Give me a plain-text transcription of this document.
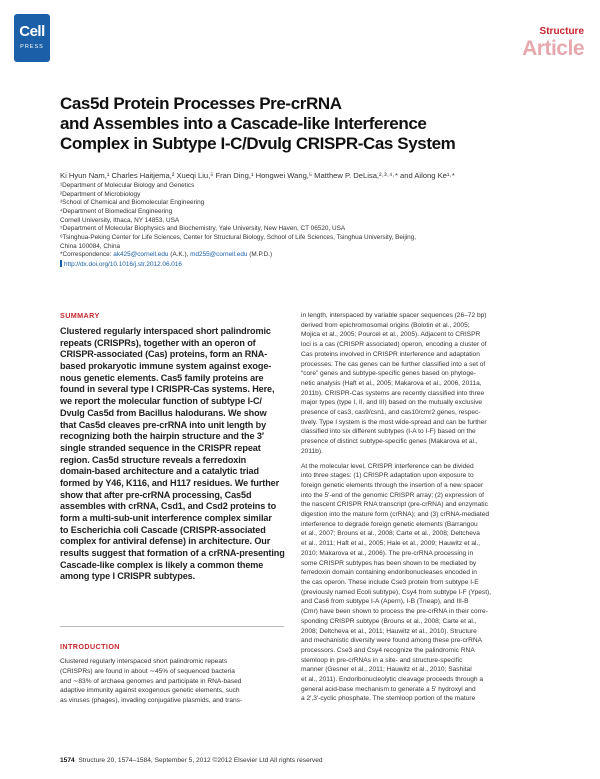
Cell
PRESS
Structure
Article
Cas5d Protein Processes Pre-crRNA
and Assembles into a Cascade-like Interference
Complex in Subtype I-C/Dvulg CRISPR-Cas System
Ki Hyun Nam,¹ Charles Haitjema,² Xueqi Liu,⁵ Fran Ding,¹ Hongwei Wang,⁵ Matthew P. DeLisa,²·³·⁴·* and Ailong Ke¹·*
¹Department of Molecular Biology and Genetics
²Department of Microbiology
³School of Chemical and Biomolecular Engineering
⁴Department of Biomedical Engineering
Cornell University, Ithaca, NY 14853, USA
⁵Department of Molecular Biophysics and Biochemistry, Yale University, New Haven, CT 06520, USA
⁶Tsinghua-Peking Center for Life Sciences, Center for Structural Biology, School of Life Sciences, Tsinghua University, Beijing,
China 100084, China
*Correspondence: ak425@cornell.edu (A.K.), md255@cornell.edu (M.P.D.)
http://dx.doi.org/10.1016/j.str.2012.06.016
SUMMARY
Clustered regularly interspaced short palindromic
repeats (CRISPRs), together with an operon of
CRISPR-associated (Cas) proteins, form an RNA-
based prokaryotic immune system against exoge-
nous genetic elements. Cas5 family proteins are
found in several type I CRISPR-Cas systems. Here,
we report the molecular function of subtype I-C/
Dvulg Cas5d from Bacillus halodurans. We show
that Cas5d cleaves pre-crRNA into unit length by
recognizing both the hairpin structure and the 3′
single stranded sequence in the CRISPR repeat
region. Cas5d structure reveals a ferredoxin
domain-based architecture and a catalytic triad
formed by Y46, K116, and H117 residues. We further
show that after pre-crRNA processing, Cas5d
assembles with crRNA, Csd1, and Csd2 proteins to
form a multi-sub-unit interference complex similar
to Escherichia coli Cascade (CRISPR-associated
complex for antiviral defense) in architecture. Our
results suggest that formation of a crRNA-presenting
Cascade-like complex is likely a common theme
among type I CRISPR subtypes.
INTRODUCTION
Clustered regularly interspaced short palindromic repeats
(CRISPRs) are found in about ∼45% of sequenced bacteria
and ∼83% of archaea genomes and participate in RNA-based
adaptive immunity against exogenous genetic elements, such
as viruses (phages), invading conjugative plasmids, and trans-
in length, interspaced by variable spacer sequences (26–72 bp)
derived from epichromosomal origins (Bolotin et al., 2005;
Mojica et al., 2005; Pourcel et al., 2005). Adjacent to CRISPR
loci is a cas (CRISPR associated) operon, encoding a cluster of
Cas proteins involved in CRISPR interference and adaptation
processes. The cas genes can be further classified into a set of
“core” genes and subtype-specific genes based on phyloge-
netic analysis (Haft et al., 2005; Makarova et al., 2006, 2011a,
2011b). CRISPR-Cas systems are recently classified into three
major types (type I, II, and III) based on the mutually exclusive
presence of cas3, cas9/csn1, and cas10/cmr2 genes, respec-
tively. Type I system is the most wide-spread and can be further
classified into six different subtypes (I-A to I-F) based on the
presence of distinct subtype-specific genes (Makarova et al.,
2011b).
At the molecular level, CRISPR interference can be divided
into three stages: (1) CRISPR adaptation upon exposure to
foreign genetic elements through the insertion of a new spacer
into the 5′-end of the genomic CRISPR array; (2) expression of
the nascent CRISPR RNA transcript (pre-crRNA) and enzymatic
digestion into the mature form (crRNA); and (3) crRNA-mediated
interference to degrade foreign genetic elements (Barrangou
et al., 2007; Brouns et al., 2008; Carte et al., 2008; Deltcheva
et al., 2011; Haft et al., 2005; Hale et al., 2009; Hauwitz et al.,
2010; Makarova et al., 2006). The pre-crRNA processing in
some CRISPR subtypes has been shown to be mediated by
ferredoxin domain containing endoribonucleases encoded in
the cas operon. These include Cse3 protein from subtype I-E
(previously named Ecoli subtype), Csy4 from subtype I-F (Ypest),
and Cas6 from subtype I-A (Apern), I-B (Tneap), and III-B
(Cmr) have been shown to process the pre-crRNA in their corre-
sponding CRISPR subtype (Brouns et al., 2008; Carte et al.,
2008; Deltcheva et al., 2011; Hauwitz et al., 2010). Structure
and mechanistic diversity were found among these pre-crRNA
processors. Cse3 and Csy4 recognize the palindromic RNA
stemloop in pre-crRNAs in a site- and structure-specific
manner (Gesner et al., 2011; Hauwitz et al., 2010; Sashital
et al., 2011). Endoribonucleolytic cleavage proceeds through a
general acid-base mechanism to generate a 5′ hydroxyl and
a 2′,3′-cyclic phosphate. The stemloop portion of the mature
1574 Structure 20, 1574–1584, September 5, 2012 ©2012 Elsevier Ltd All rights reserved
